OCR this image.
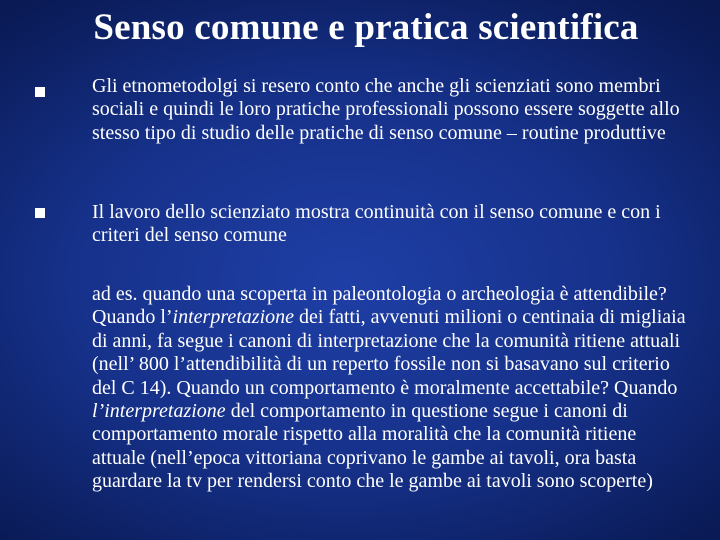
Senso comune e pratica scientifica

Gli etnometodolgi si resero conto che anche gli scienziati sono membri sociali e quindi le loro pratiche professionali possono essere soggette allo stesso tipo di studio delle pratiche di senso comune – routine produttive

Il lavoro dello scienziato mostra continuità con il senso comune e con i criteri del senso comune

ad es. quando una scoperta in paleontologia o archeologia è attendibile? Quando l’interpretazione dei fatti, avvenuti milioni o centinaia di migliaia di anni, fa segue i canoni di interpretazione che la comunità ritiene attuali (nell’ 800 l’attendibilità di un reperto fossile non si basavano sul criterio del C 14). Quando un comportamento è moralmente accettabile? Quando l’interpretazione del comportamento in questione segue i canoni di comportamento morale rispetto alla moralità che la comunità ritiene attuale (nell’epoca vittoriana coprivano le gambe ai tavoli, ora basta guardare la tv per rendersi conto che le gambe ai tavoli sono scoperte)
